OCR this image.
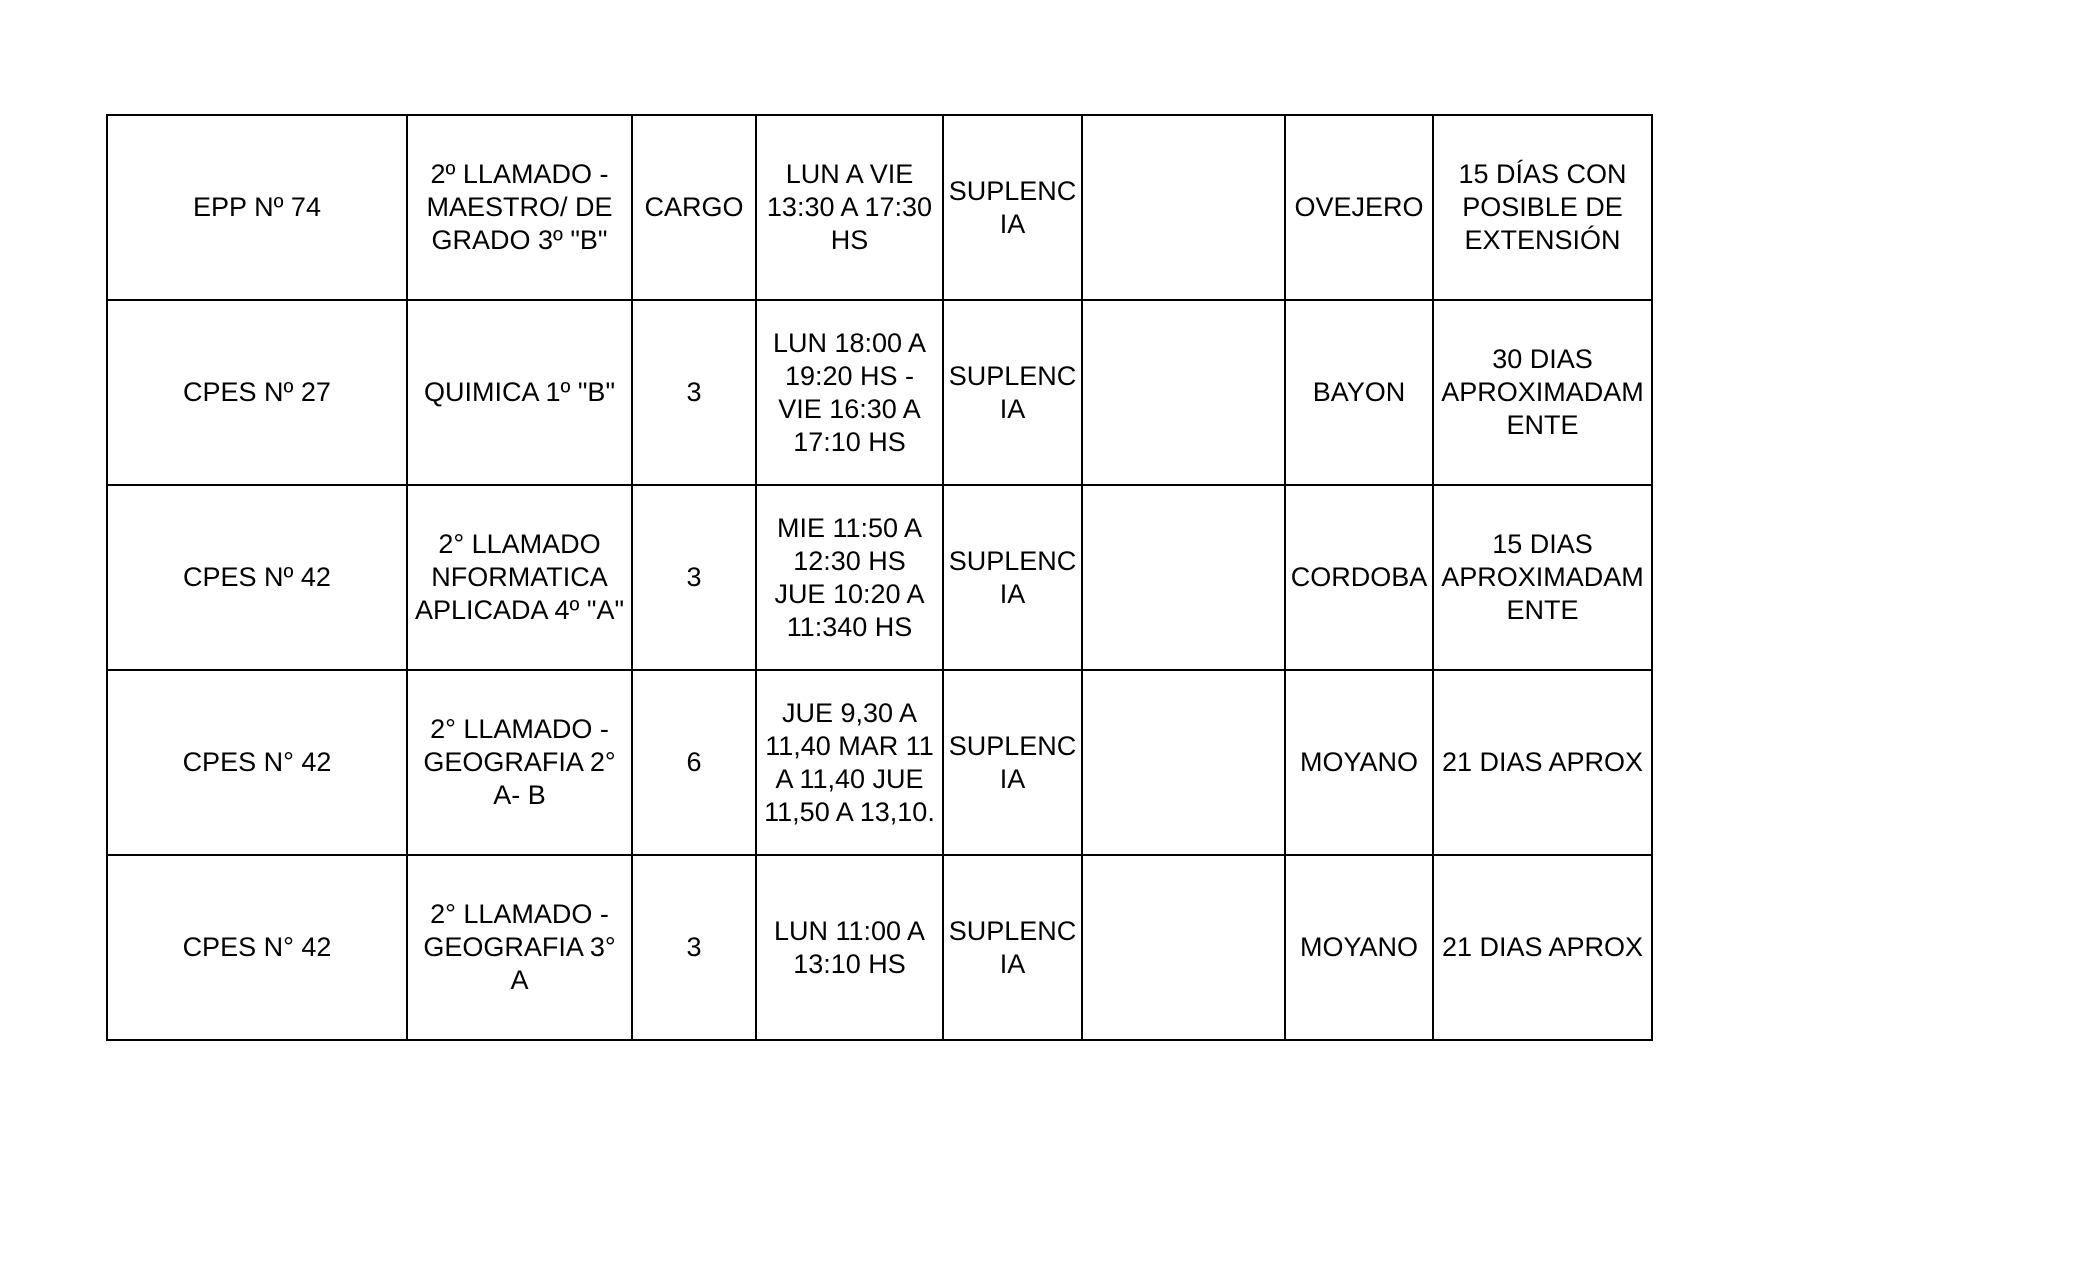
EPP Nº 74	2º LLAMADO -
MAESTRO/ DE
GRADO 3º "B"	CARGO	LUN A VIE
13:30 A 17:30
HS	SUPLENC
IA		OVEJERO	15 DÍAS CON
POSIBLE DE
EXTENSIÓN
CPES Nº 27	QUIMICA 1º "B"	3	LUN 18:00 A
19:20 HS -
VIE 16:30 A
17:10 HS	SUPLENC
IA		BAYON	30 DIAS
APROXIMADAM
ENTE
CPES Nº 42	2° LLAMADO
NFORMATICA
APLICADA 4º "A"	3	MIE 11:50 A
12:30 HS
JUE 10:20 A
11:340 HS	SUPLENC
IA		CORDOBA	15 DIAS
APROXIMADAM
ENTE
CPES N° 42	2° LLAMADO -
GEOGRAFIA 2°
A- B	6	JUE 9,30 A
11,40 MAR 11
A 11,40 JUE
11,50 A 13,10.	SUPLENC
IA		MOYANO	21 DIAS APROX
CPES N° 42	2° LLAMADO -
GEOGRAFIA 3°
A	3	LUN 11:00 A
13:10 HS	SUPLENC
IA		MOYANO	21 DIAS APROX
